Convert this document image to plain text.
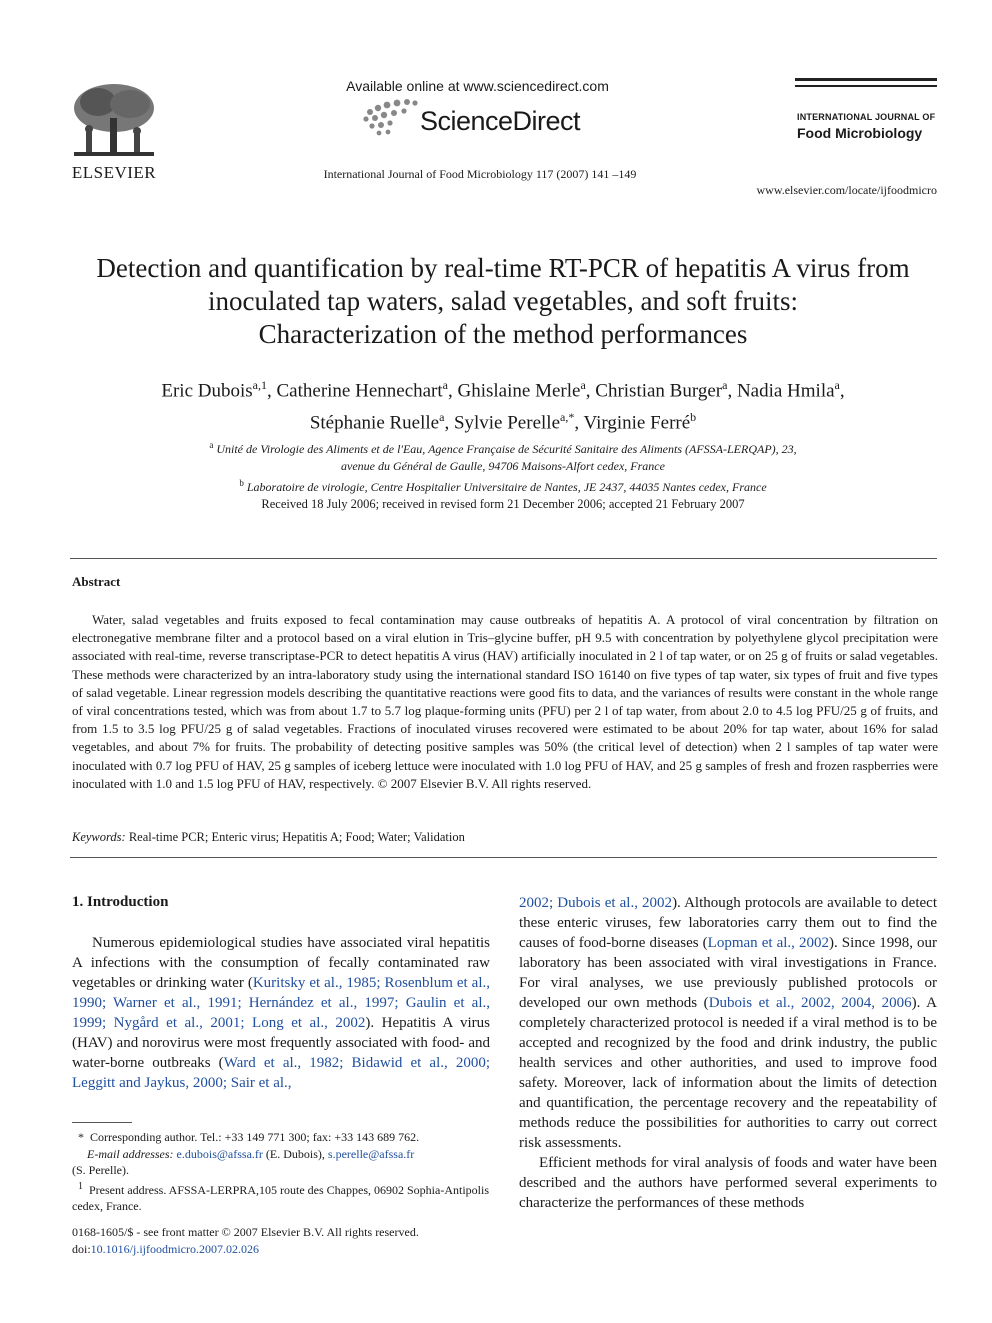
ELSEVIER
Available online at www.sciencedirect.com
ScienceDirect
International Journal of Food Microbiology 117 (2007) 141 –149
INTERNATIONAL JOURNAL OF
Food Microbiology
www.elsevier.com/locate/ijfoodmicro
Detection and quantification by real-time RT-PCR of hepatitis A virus from
inoculated tap waters, salad vegetables, and soft fruits:
Characterization of the method performances
Eric Dubois$^{a,1}$, Catherine Hennechart$^a$, Ghislaine Merle$^a$, Christian Burger$^a$, Nadia Hmila$^a$,
Stéphanie Ruelle$^a$, Sylvie Perelle$^{a,*}$, Virginie Ferré$^b$
$^a$ Unité de Virologie des Aliments et de l'Eau, Agence Française de Sécurité Sanitaire des Aliments (AFSSA-LERQAP), 23,
avenue du Général de Gaulle, 94706 Maisons-Alfort cedex, France
$^b$ Laboratoire de virologie, Centre Hospitalier Universitaire de Nantes, JE 2437, 44035 Nantes cedex, France
Received 18 July 2006; received in revised form 21 December 2006; accepted 21 February 2007
Abstract
Water, salad vegetables and fruits exposed to fecal contamination may cause outbreaks of hepatitis A. A protocol of viral concentration by filtration on electronegative membrane filter and a protocol based on a viral elution in Tris–glycine buffer, pH 9.5 with concentration by polyethylene glycol precipitation were associated with real-time, reverse transcriptase-PCR to detect hepatitis A virus (HAV) artificially inoculated in 2 l of tap water, or on 25 g of fruits or salad vegetables. These methods were characterized by an intra-laboratory study using the international standard ISO 16140 on five types of tap water, six types of fruit and five types of salad vegetable. Linear regression models describing the quantitative reactions were good fits to data, and the variances of results were constant in the whole range of viral concentrations tested, which was from about 1.7 to 5.7 log plaque-forming units (PFU) per 2 l of tap water, from about 2.0 to 4.5 log PFU/25 g of fruits, and from 1.5 to 3.5 log PFU/25 g of salad vegetables. Fractions of inoculated viruses recovered were estimated to be about 20% for tap water, about 16% for salad vegetables, and about 7% for fruits. The probability of detecting positive samples was 50% (the critical level of detection) when 2 l samples of tap water were inoculated with 0.7 log PFU of HAV, 25 g samples of iceberg lettuce were inoculated with 1.0 log PFU of HAV, and 25 g samples of fresh and frozen raspberries were inoculated with 1.0 and 1.5 log PFU of HAV, respectively. © 2007 Elsevier B.V. All rights reserved.
Keywords: Real-time PCR; Enteric virus; Hepatitis A; Food; Water; Validation
1. Introduction
Numerous epidemiological studies have associated viral hepatitis A infections with the consumption of fecally contaminated raw vegetables or drinking water (Kuritsky et al., 1985; Rosenblum et al., 1990; Warner et al., 1991; Hernández et al., 1997; Gaulin et al., 1999; Nygård et al., 2001; Long et al., 2002). Hepatitis A virus (HAV) and norovirus were most frequently associated with food- and water-borne outbreaks (Ward et al., 1982; Bidawid et al., 2000; Leggitt and Jaykus, 2000; Sair et al.,

2002; Dubois et al., 2002). Although protocols are available to detect these enteric viruses, few laboratories carry them out to find the causes of food-borne diseases (Lopman et al., 2002). Since 1998, our laboratory has been associated with viral investigations in France. For viral analyses, we use previously published protocols or developed our own methods (Dubois et al., 2002, 2004, 2006). A completely characterized protocol is needed if a viral method is to be accepted and recognized by the food and drink industry, the public health services and other authorities, and used to improve food safety. Moreover, lack of information about the limits of detection and quantification, the percentage recovery and the repeatability of methods reduce the possibilities for authorities to carry out correct risk assessments.

Efficient methods for viral analysis of foods and water have been described and the authors have performed several experiments to characterize the performances of these methods

* Corresponding author. Tel.: +33 149 771 300; fax: +33 143 689 762.

E-mail addresses: e.dubois@afssa.fr (E. Dubois), s.perelle@afssa.fr

(S. Perelle).

$^1$ Present address. AFSSA-LERPRA,105 route des Chappes, 06902 Sophia-Antipolis cedex, France.

0168-1605/$ - see front matter © 2007 Elsevier B.V. All rights reserved.
doi:10.1016/j.ijfoodmicro.2007.02.026
